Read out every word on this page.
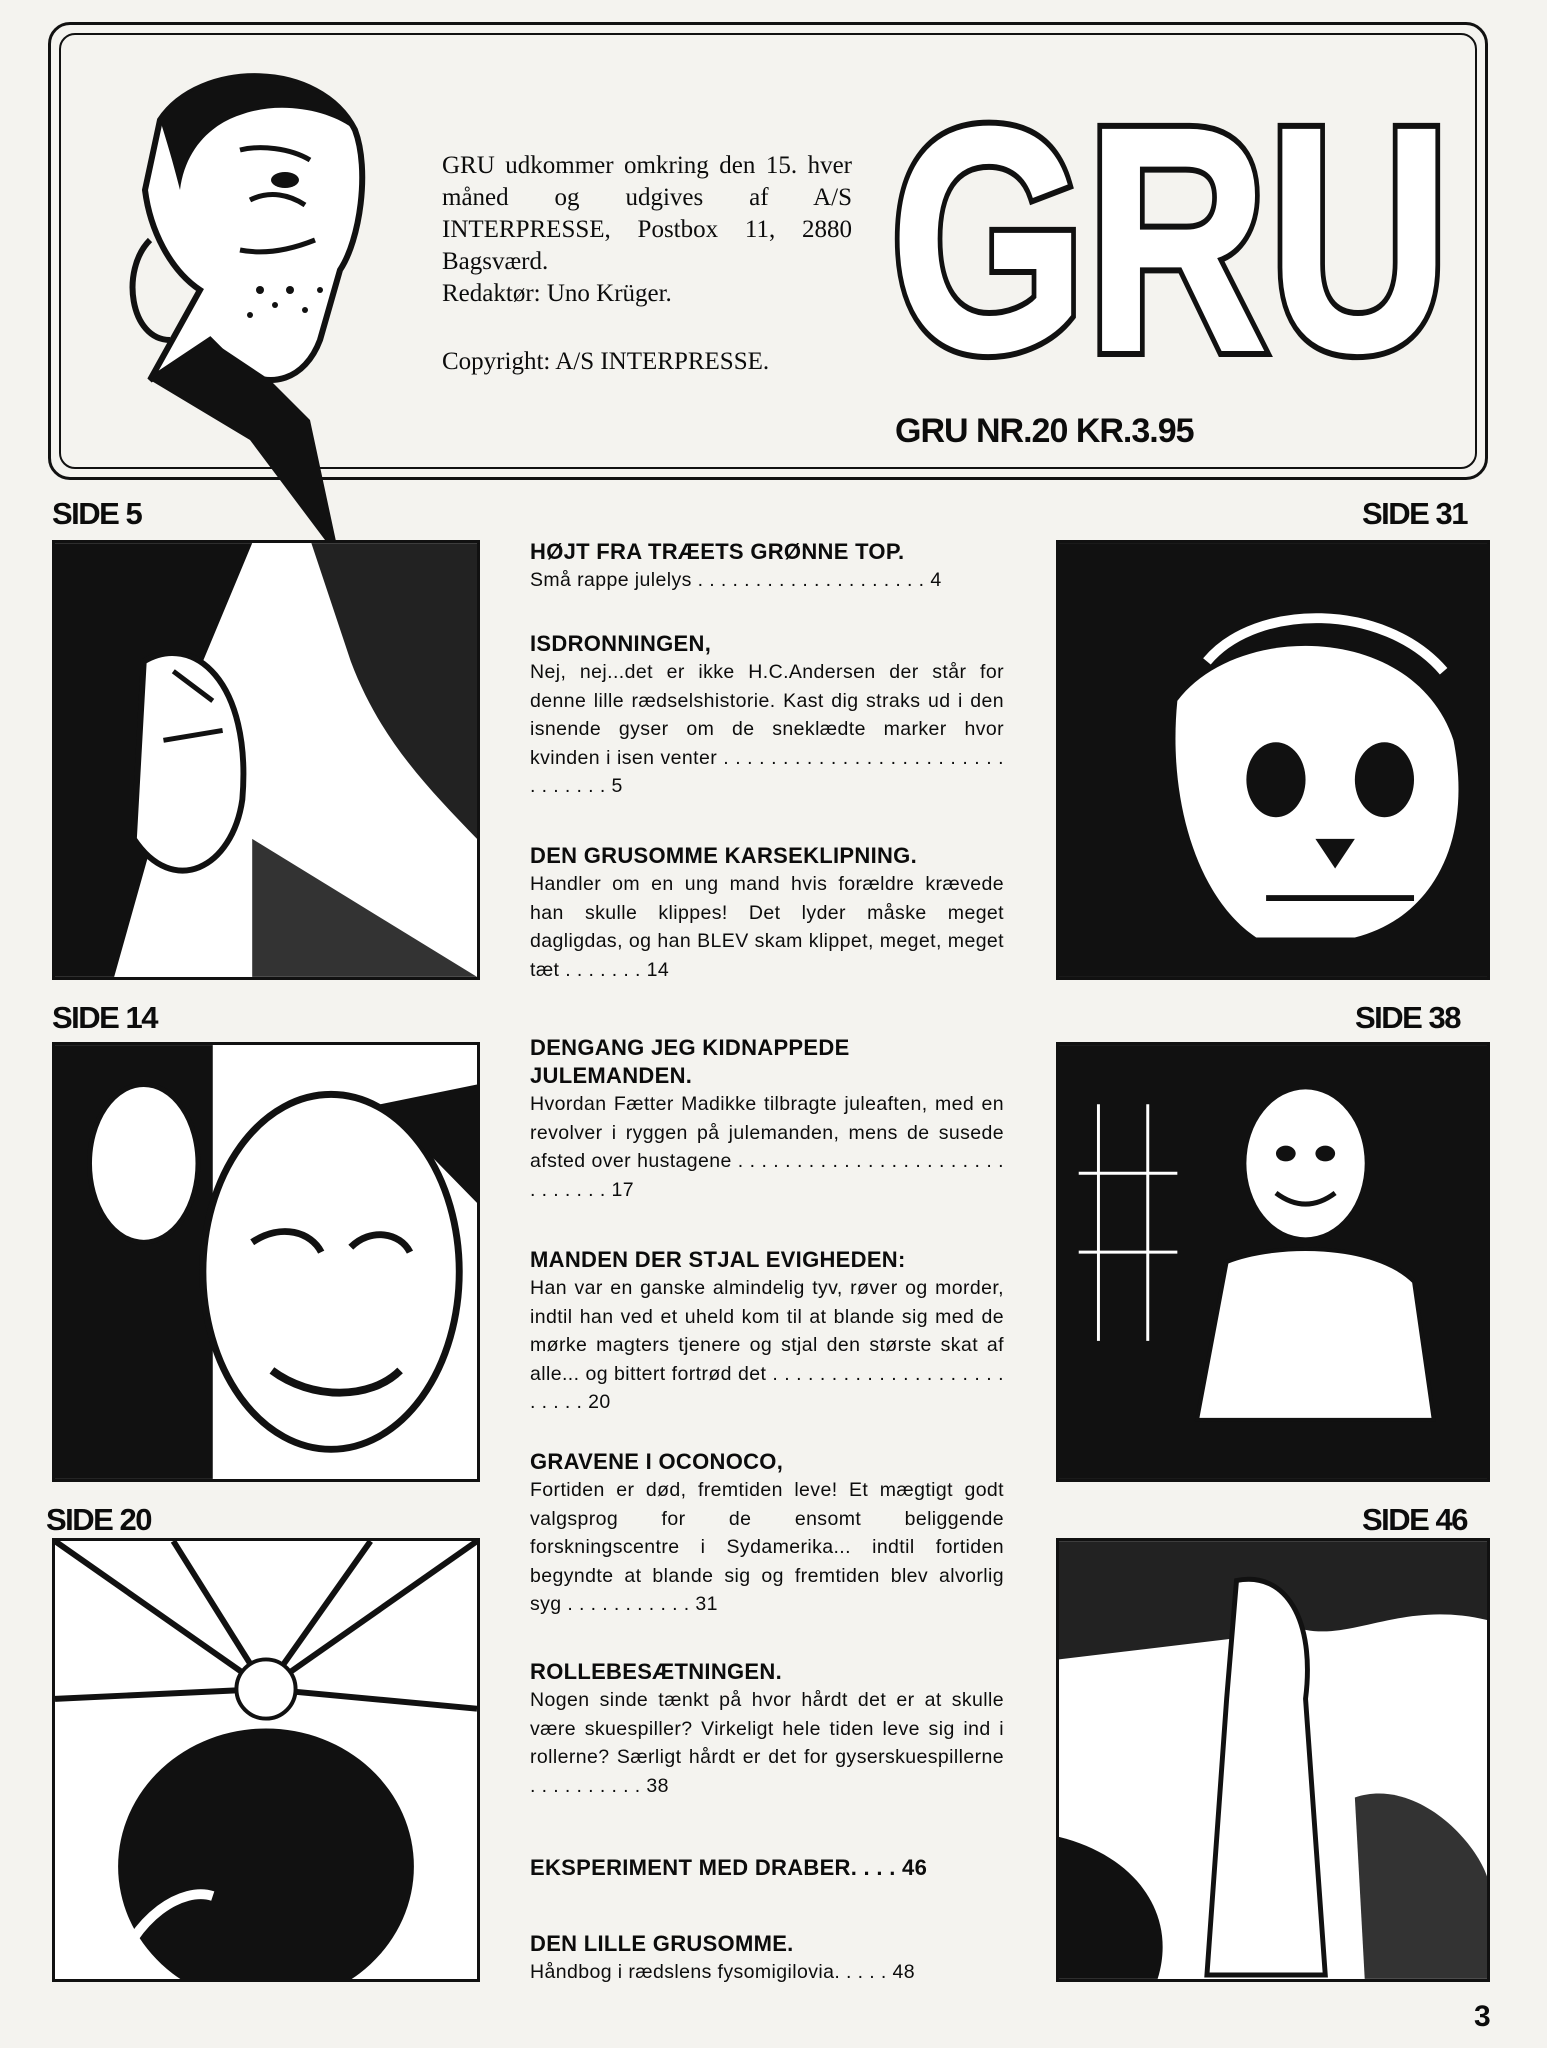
GRU udkommer omkring den 15. hver måned og udgives af A/S INTERPRESSE, Postbox 11, 2880 Bagsværd.

Redaktør: Uno Krüger.

Copyright: A/S INTERPRESSE. GRU
GRU
GRU NR.20 KR.3.95
SIDE 5	SIDE 31
SIDE 14	SIDE 38
SIDE 20	SIDE 46
HØJT FRA TRÆETS GRØNNE TOP.
Små rappe julelys . . . . . . . . . . . . . . . . . . . . 4
ISDRONNINGEN,
Nej, nej...det er ikke H.C.Andersen der står for denne lille rædselshistorie. Kast dig straks ud i den isnende gyser om de sneklædte marker hvor kvinden i isen venter . . . . . . . . . . . . . . . . . . . . . . . . . . . . . . . 5
DEN GRUSOMME KARSEKLIPNING.
Handler om en ung mand hvis forældre krævede han skulle klippes! Det lyder måske meget dagligdas, og han BLEV skam klippet, meget, meget tæt . . . . . . . 14
DENGANG JEG KIDNAPPEDE JULEMANDEN.
Hvordan Fætter Madikke tilbragte juleaften, med en revolver i ryggen på julemanden, mens de susede afsted over hustagene . . . . . . . . . . . . . . . . . . . . . . . . . . . . . . 17
MANDEN DER STJAL EVIGHEDEN:
Han var en ganske almindelig tyv, røver og morder, indtil han ved et uheld kom til at blande sig med de mørke magters tjenere og stjal den største skat af alle... og bittert fortrød det . . . . . . . . . . . . . . . . . . . . . . . . . 20
GRAVENE I OCONOCO,
Fortiden er død, fremtiden leve! Et mægtigt godt valgsprog for de ensomt beliggende forskningscentre i Sydamerika... indtil fortiden begyndte at blande sig og fremtiden blev alvorlig syg . . . . . . . . . . . 31
ROLLEBESÆTNINGEN.
Nogen sinde tænkt på hvor hårdt det er at skulle være skuespiller? Virkeligt hele tiden leve sig ind i rollerne? Særligt hårdt er det for gyserskuespillerne . . . . . . . . . . 38
EKSPERIMENT MED DRABER. . . . 46
DEN LILLE GRUSOMME.
Håndbog i rædslens fysomigilovia. . . . . 48
3
